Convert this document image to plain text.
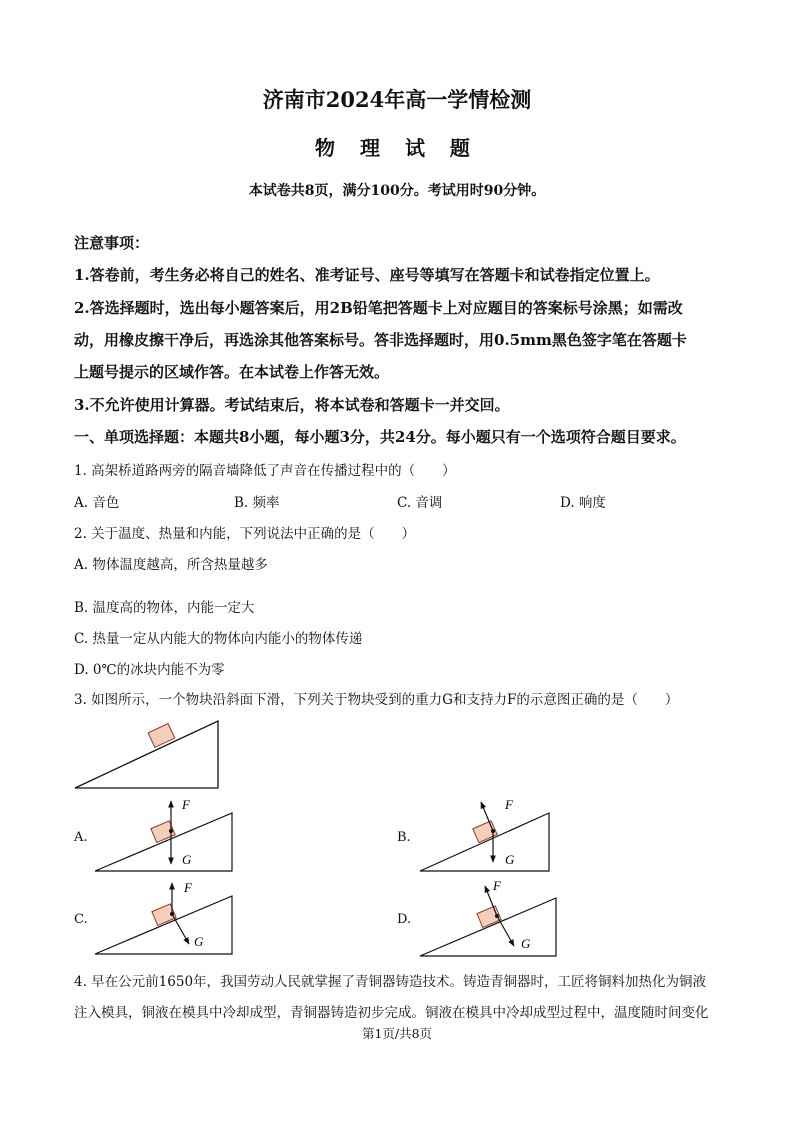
济南市2024年高一学情检测
物 理 试 题
本试卷共8页，满分100分。考试用时90分钟。
注意事项：
1.答卷前，考生务必将自己的姓名、准考证号、座号等填写在答题卡和试卷指定位置上。
2.答选择题时，选出每小题答案后，用2B铅笔把答题卡上对应题目的答案标号涂黑；如需改
动，用橡皮擦干净后，再选涂其他答案标号。答非选择题时，用0.5mm黑色签字笔在答题卡
上题号提示的区域作答。在本试卷上作答无效。
3.不允许使用计算器。考试结束后，将本试卷和答题卡一并交回。
一、单项选择题：本题共8小题，每小题3分，共24分。每小题只有一个选项符合题目要求。
1. 高架桥道路两旁的隔音墙降低了声音在传播过程中的（　　）
A. 音色	B. 频率	C. 音调	D. 响度
2. 关于温度、热量和内能，下列说法中正确的是（　　）
A. 物体温度越高，所含热量越多
B. 温度高的物体，内能一定大
C. 热量一定从内能大的物体向内能小的物体传递
D. 0℃的冰块内能不为零
3. 如图所示，一个物块沿斜面下滑，下列关于物块受到的重力G和支持力F的示意图正确的是（　　）
A.	B.
C.	D.
F
G
F
G
F
G
F
G
4. 早在公元前1650年，我国劳动人民就掌握了青铜器铸造技术。铸造青铜器时，工匠将铜料加热化为铜液
注入模具，铜液在模具中冷却成型，青铜器铸造初步完成。铜液在模具中冷却成型过程中，温度随时间变化
第1页/共8页
